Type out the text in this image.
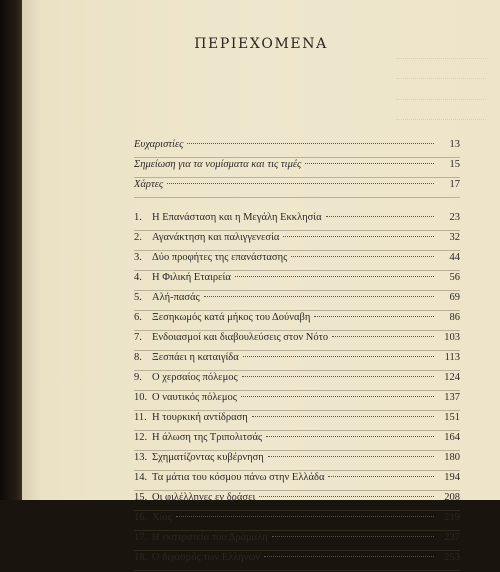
ΠΕΡΙΕΧΟΜΕΝΑ
Ευχαριστίες	13
Σημείωση για τα νομίσματα και τις τιμές	15
Χάρτες	17
1. Η Επανάσταση και η Μεγάλη Εκκλησία	23
2. Αγανάκτηση και παλιγγενεσία	32
3. Δύο προφήτες της επανάστασης	44
4. Η Φιλική Εταιρεία	56
5. Αλή-πασάς	69
6. Ξεσηκωμός κατά μήκος του Δούναβη	86
7. Ενδοιασμοί και διαβουλεύσεις στον Νότο	103
8. Ξεσπάει η καταιγίδα	113
9. Ο χερσαίος πόλεμος	124
10. Ο ναυτικός πόλεμος	137
11. Η τουρκική αντίδραση	151
12. Η άλωση της Τριπολιτσάς	164
13. Σχηματίζοντας κυβέρνηση	180
14. Τα μάτια του κόσμου πάνω στην Ελλάδα	194
15. Οι φιλέλληνες εν δράσει	208
16. Χίος	219
17. Η εκστρατεία του Δράμαλη	237
18. Ο διχασμός των Ελλήνων	253
